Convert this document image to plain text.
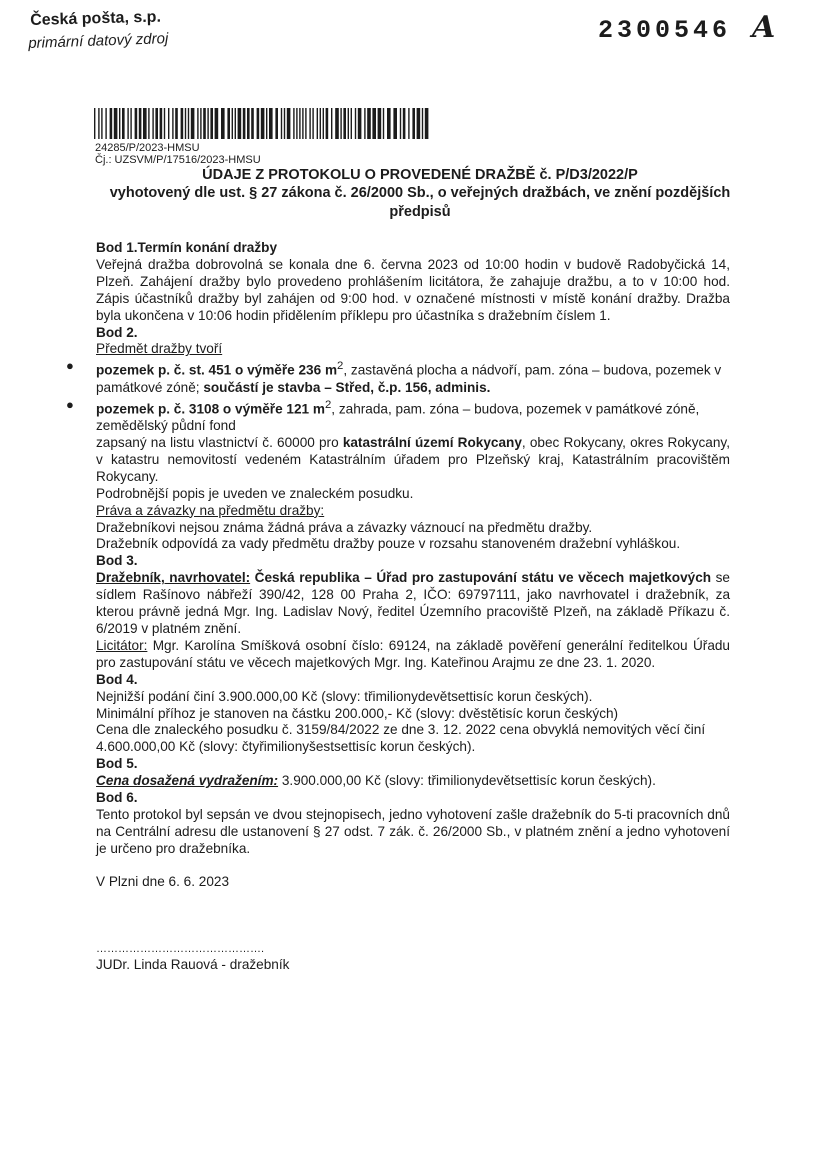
Česká pošta, s.p.
primární datový zdroj	2300546 A
24285/P/2023-HMSU
Čj.: UZSVM/P/17516/2023-HMSU
ÚDAJE Z PROTOKOLU O PROVEDENÉ DRAŽBĚ č. P/D3/2022/P
vyhotovený dle ust. § 27 zákona č. 26/2000 Sb., o veřejných dražbách, ve znění pozdějších předpisů

Bod 1.Termín konání dražby

Veřejná dražba dobrovolná se konala dne 6. června 2023 od 10:00 hodin v budově Radobyčická 14, Plzeň. Zahájení dražby bylo provedeno prohlášením licitátora, že zahajuje dražbu, a to v 10:00 hod. Zápis účastníků dražby byl zahájen od 9:00 hod. v označené místnosti v místě konání dražby. Dražba byla ukončena v 10:06 hodin přidělením příklepu pro účastníka s dražebním číslem 1.

Bod 2.

Předmět dražby tvoří

● pozemek p. č. st. 451 o výměře 236 $m^2$, zastavěná plocha a nádvoří, pam. zóna – budova, pozemek v památkové zóně; součástí je stavba – Střed, č.p. 156, adminis.

● pozemek p. č. 3108 o výměře 121 $m^2$, zahrada, pam. zóna – budova, pozemek v památkové zóně, zemědělský půdní fond

zapsaný na listu vlastnictví č. 60000 pro katastrální území Rokycany, obec Rokycany, okres Rokycany, v katastru nemovitostí vedeném Katastrálním úřadem pro Plzeňský kraj, Katastrálním pracovištěm Rokycany.

Podrobnější popis je uveden ve znaleckém posudku.

Práva a závazky na předmětu dražby:

Dražebníkovi nejsou známa žádná práva a závazky váznoucí na předmětu dražby.

Dražebník odpovídá za vady předmětu dražby pouze v rozsahu stanoveném dražební vyhláškou.

Bod 3.

Dražebník, navrhovatel: Česká republika – Úřad pro zastupování státu ve věcech majetkových se sídlem Rašínovo nábřeží 390/42, 128 00 Praha 2, IČO: 69797111, jako navrhovatel i dražebník, za kterou právně jedná Mgr. Ing. Ladislav Nový, ředitel Územního pracoviště Plzeň, na základě Příkazu č. 6/2019 v platném znění.

Licitátor: Mgr. Karolína Smíšková osobní číslo: 69124, na základě pověření generální ředitelkou Úřadu pro zastupování státu ve věcech majetkových Mgr. Ing. Kateřinou Arajmu ze dne 23. 1. 2020.

Bod 4.

Nejnižší podání činí 3.900.000,00 Kč (slovy: třimilionydevětsettisíc korun českých).

Minimální příhoz je stanoven na částku 200.000,- Kč (slovy: dvěstětisíc korun českých)

Cena dle znaleckého posudku č. 3159/84/2022 ze dne 3. 12. 2022 cena obvyklá nemovitých věcí činí 4.600.000,00 Kč (slovy: čtyřimilionyšestsettisíc korun českých).

Bod 5.

Cena dosažená vydražením: 3.900.000,00 Kč (slovy: třimilionydevětsettisíc korun českých).

Bod 6.

Tento protokol byl sepsán ve dvou stejnopisech, jedno vyhotovení zašle dražebník do 5-ti pracovních dnů na Centrální adresu dle ustanovení § 27 odst. 7 zák. č. 26/2000 Sb., v platném znění a jedno vyhotovení je určeno pro dražebníka.

V Plzni dne 6. 6. 2023

……………………………………….

JUDr. Linda Rauová - dražebník
